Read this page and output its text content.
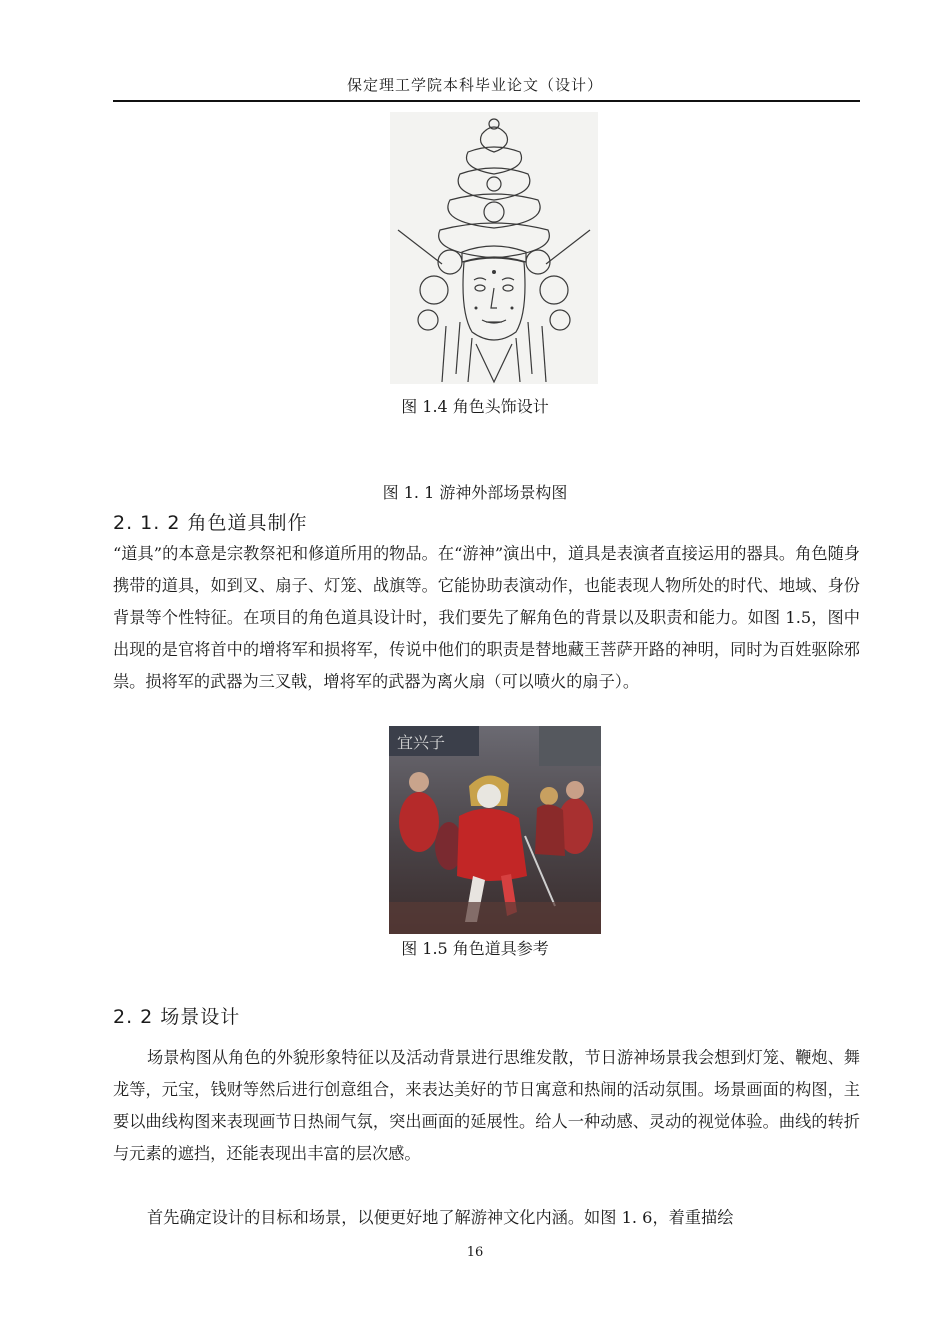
保定理工学院本科毕业论文（设计）
图 1.4 角色头饰设计
图 1. 1 游神外部场景构图
2. 1. 2 角色道具制作
“道具”的本意是宗教祭祀和修道所用的物品。在“游神”演出中，道具是表演者直接运用的器具。角色随身携带的道具，如到叉、扇子、灯笼、战旗等。它能协助表演动作，也能表现人物所处的时代、地域、身份背景等个性特征。在项目的角色道具设计时，我们要先了解角色的背景以及职责和能力。如图 1.5，图中出现的是官将首中的增将军和损将军，传说中他们的职责是替地藏王菩萨开路的神明，同时为百姓驱除邪祟。损将军的武器为三叉戟，增将军的武器为离火扇（可以喷火的扇子）。
宜兴子
图 1.5 角色道具参考
2. 2 场景设计
场景构图从角色的外貌形象特征以及活动背景进行思维发散，节日游神场景我会想到灯笼、鞭炮、舞龙等，元宝，钱财等然后进行创意组合，来表达美好的节日寓意和热闹的活动氛围。场景画面的构图，主要以曲线构图来表现画节日热闹气氛，突出画面的延展性。给人一种动感、灵动的视觉体验。曲线的转折与元素的遮挡，还能表现出丰富的层次感。
首先确定设计的目标和场景，以便更好地了解游神文化内涵。如图 1. 6，着重描绘
16
